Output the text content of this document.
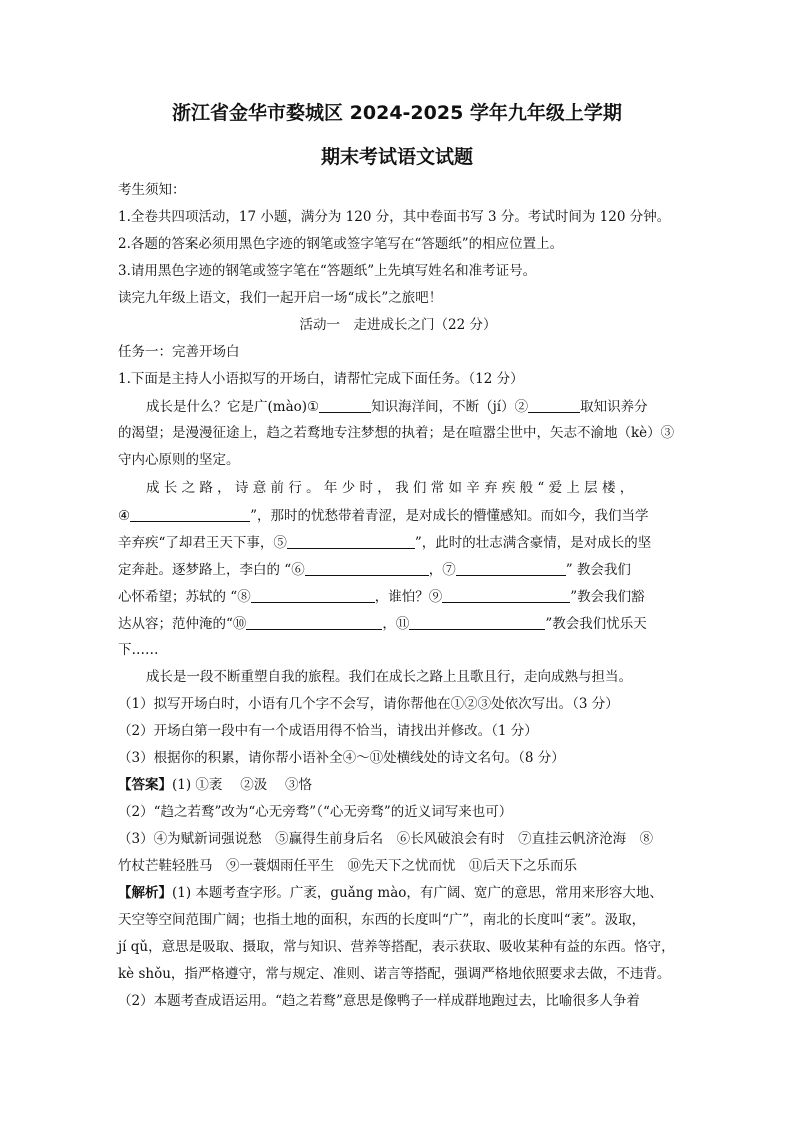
浙江省金华市婺城区 2024-2025 学年九年级上学期
期末考试语文试题
考生须知：
1.全卷共四项活动，17 小题，满分为 120 分，其中卷面书写 3 分。考试时间为 120 分钟。
2.各题的答案必须用黑色字迹的钢笔或签字笔写在“答题纸”的相应位置上。
3.请用黑色字迹的钢笔或签字笔在“答题纸”上先填写姓名和准考证号。
读完九年级上语文，我们一起开启一场“成长”之旅吧！
活动一　走进成长之门（22 分）
任务一：完善开场白
1.下面是主持人小语拟写的开场白，请帮忙完成下面任务。（12 分）
成长是什么？它是广(mào)①	知识海洋间，不断（jí）②	取知识养分
的渴望；是漫漫征途上，趋之若鹜地专注梦想的执着；是在喧嚣尘世中，矢志不渝地（kè）③
守内心原则的坚定。
成 长 之 路 ， 诗 意 前 行 。 年 少 时 ， 我 们 常 如 辛 弃 疾 般 “ 爱 上 层 楼 ，
④	”，那时的忧愁带着青涩，是对成长的懵懂感知。而如今，我们当学
辛弃疾“了却君王天下事，⑤	”，此时的壮志满含豪情，是对成长的坚
定奔赴。逐梦路上，李白的 “⑥	，⑦	” 教会我们
心怀希望；苏轼的 “⑧	，谁怕？⑨	”教会我们豁
达从容；范仲淹的“⑩	，⑪	”教会我们忧乐天
下……
成长是一段不断重塑自我的旅程。我们在成长之路上且歌且行，走向成熟与担当。
（1）拟写开场白时，小语有几个字不会写，请你帮他在①②③处依次写出。（3 分）
（2）开场白第一段中有一个成语用得不恰当，请找出并修改。（1 分）
（3）根据你的积累，请你帮小语补全④～⑪处横线处的诗文名句。（8 分）
【答案】(1) ①袤　 ②汲　 ③恪
（2）“趋之若鹜”改为“心无旁骛”（“心无旁骛”的近义词写来也可）
（3）④为赋新词强说愁　⑤赢得生前身后名　⑥长风破浪会有时　⑦直挂云帆济沧海　⑧
竹杖芒鞋轻胜马　⑨一蓑烟雨任平生　⑩先天下之忧而忧　⑪后天下之乐而乐
【解析】(1) 本题考查字形。广袤，guǎng mào，有广阔、宽广的意思，常用来形容大地、
天空等空间范围广阔；也指土地的面积，东西的长度叫“广”，南北的长度叫“袤”。汲取，
jí qǔ，意思是吸取、摄取，常与知识、营养等搭配，表示获取、吸收某种有益的东西。恪守，
kè shǒu，指严格遵守，常与规定、准则、诺言等搭配，强调严格地依照要求去做，不违背。
（2）本题考查成语运用。“趋之若鹜”意思是像鸭子一样成群地跑过去，比喻很多人争着
